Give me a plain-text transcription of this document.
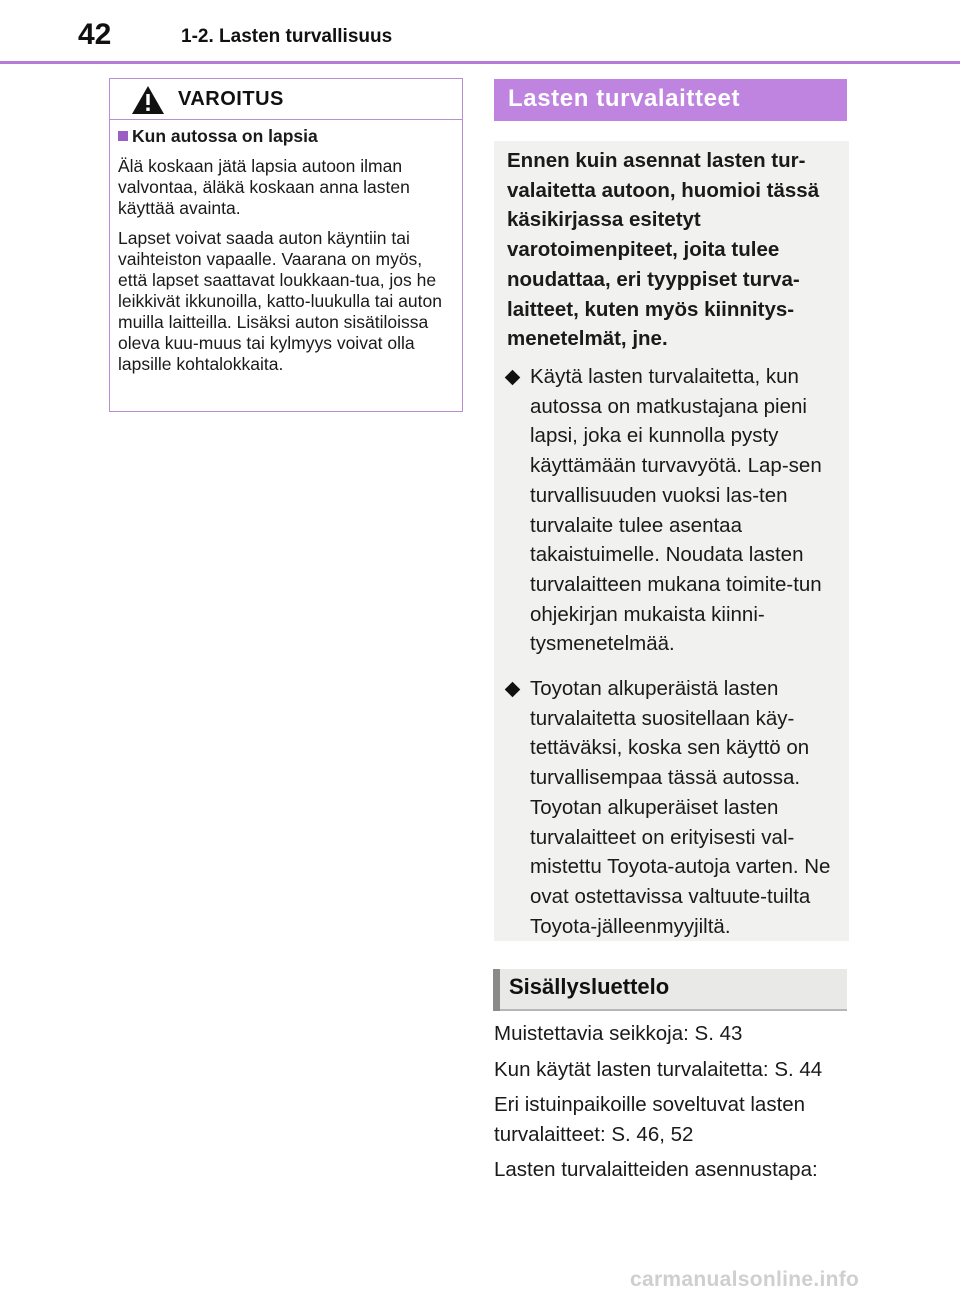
42	1-2. Lasten turvallisuus
VAROITUS
Kun autossa on lapsia

Älä koskaan jätä lapsia autoon ilman valvontaa, äläkä koskaan anna lasten käyttää avainta.

Lapset voivat saada auton käyntiin tai vaihteiston vapaalle. Vaarana on myös, että lapset saattavat loukkaan-tua, jos he leikkivät ikkunoilla, katto-luukulla tai auton muilla laitteilla. Lisäksi auton sisätiloissa oleva kuu-muus tai kylmyys voivat olla lapsille kohtalokkaita.

Lasten turvalaitteet

Ennen kuin asennat lasten tur-valaitetta autoon, huomioi tässä käsikirjassa esitetyt varotoimenpiteet, joita tulee noudattaa, eri tyyppiset turva-laitteet, kuten myös kiinnitys-menetelmät, jne.

Käytä lasten turvalaitetta, kun autossa on matkustajana pieni lapsi, joka ei kunnolla pysty käyttämään turvavyötä. Lap-sen turvallisuuden vuoksi las-ten turvalaite tulee asentaa takaistuimelle. Noudata lasten turvalaitteen mukana toimite-tun ohjekirjan mukaista kiinni-tysmenetelmää.
Toyotan alkuperäistä lasten turvalaitetta suositellaan käy-tettäväksi, koska sen käyttö on turvallisempaa tässä autossa. Toyotan alkuperäiset lasten turvalaitteet on erityisesti val-mistettu Toyota-autoja varten. Ne ovat ostettavissa valtuute-tuilta Toyota-jälleenmyyjiltä.
Sisällysluettelo
Muistettavia seikkoja: S. 43
Kun käytät lasten turvalaitetta: S. 44
Eri istuinpaikoille soveltuvat lasten turvalaitteet: S. 46, 52
Lasten turvalaitteiden asennustapa:
carmanualsonline.info
